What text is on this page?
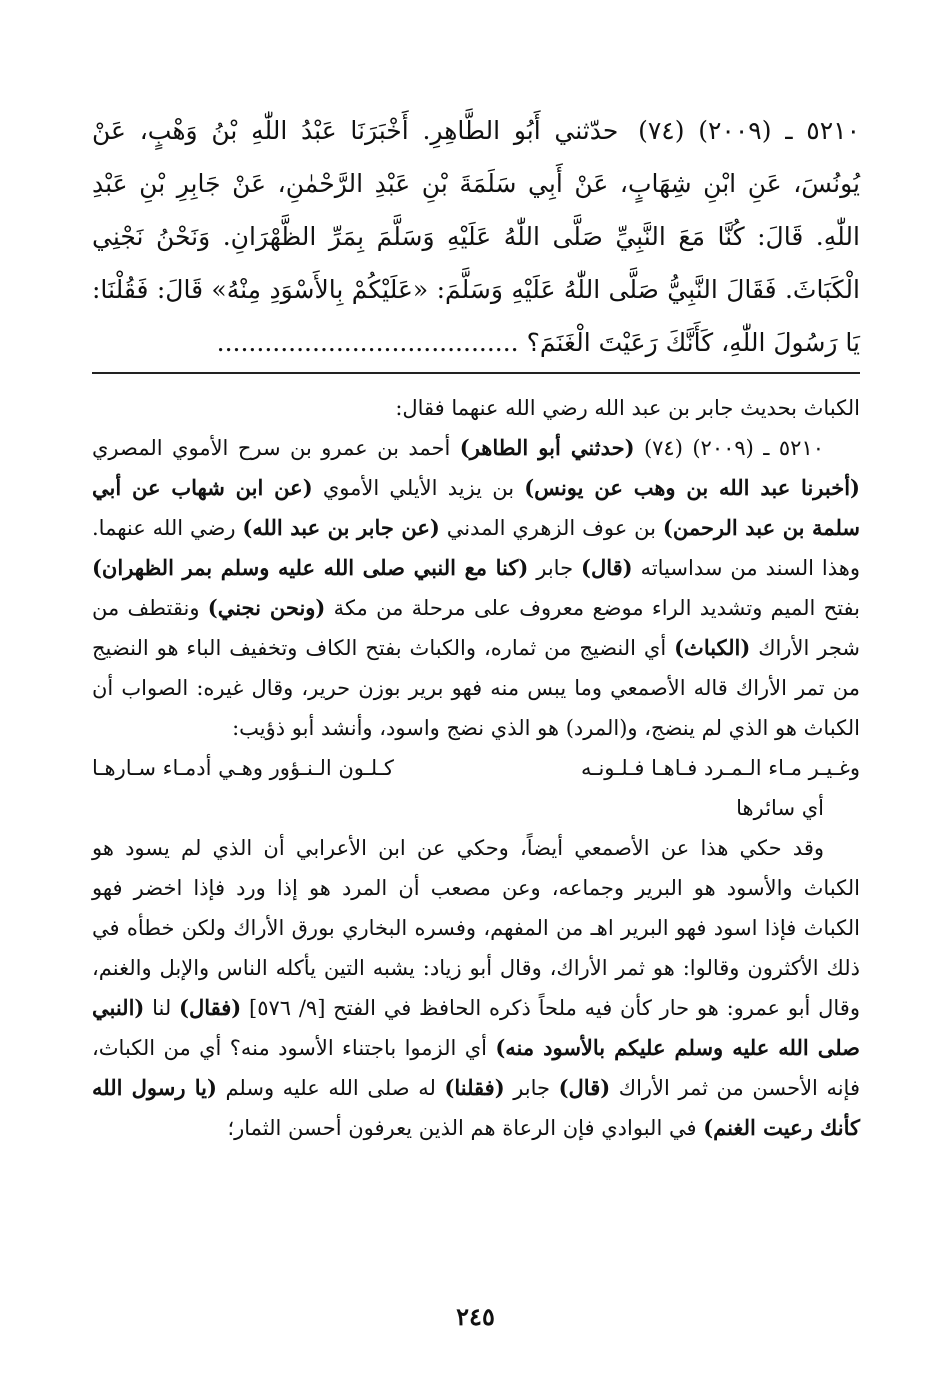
٥٢١٠ ـ (٢٠٠٩) (٧٤) حدّثني أَبُو الطَّاهِرِ. أَخْبَرَنَا عَبْدُ اللّٰهِ بْنُ وَهْبٍ، عَنْ يُونُسَ، عَنِ ابْنِ شِهَابٍ، عَنْ أَبِي سَلَمَةَ بْنِ عَبْدِ الرَّحْمٰنِ، عَنْ جَابِرِ بْنِ عَبْدِ اللّٰهِ. قَالَ: كُنَّا مَعَ النَّبِيِّ صَلَّى اللّٰهُ عَلَيْهِ وَسَلَّمَ بِمَرِّ الظَّهْرَانِ. وَنَحْنُ نَجْنِي الْكَبَاثَ. فَقَالَ النَّبِيُّ صَلَّى اللّٰهُ عَلَيْهِ وَسَلَّمَ: «عَلَيْكُمْ بِالأَسْوَدِ مِنْهُ» قَالَ: فَقُلْنَا: يَا رَسُولَ اللّٰهِ، كَأَنَّكَ رَعَيْتَ الْغَنَمَ؟ ......................................

الكباث بحديث جابر بن عبد الله رضي الله عنهما فقال:

٥٢١٠ ـ (٢٠٠٩) (٧٤) (حدثني أبو الطاهر) أحمد بن عمرو بن سرح الأموي المصري (أخبرنا عبد الله بن وهب عن يونس) بن يزيد الأيلي الأموي (عن ابن شهاب عن أبي سلمة بن عبد الرحمن) بن عوف الزهري المدني (عن جابر بن عبد الله) رضي الله عنهما. وهذا السند من سداسياته (قال) جابر (كنا مع النبي صلى الله عليه وسلم بمر الظهران) بفتح الميم وتشديد الراء موضع معروف على مرحلة من مكة (ونحن نجني) ونقتطف من شجر الأراك (الكباث) أي النضيج من ثماره، والكباث بفتح الكاف وتخفيف الباء هو النضيج من تمر الأراك قاله الأصمعي وما يبس منه فهو برير بوزن حرير، وقال غيره: الصواب أن الكباث هو الذي لم ينضج، و(المرد) هو الذي نضج واسود، وأنشد أبو ذؤيب:

وغـيـر مـاء الـمـرد فـاهـا فـلـونـه
كـلـون الـنـؤور وهـي أدمـاء سـارهـا

أي سائرها

وقد حكي هذا عن الأصمعي أيضاً، وحكي عن ابن الأعرابي أن الذي لم يسود هو الكباث والأسود هو البرير وجماعه، وعن مصعب أن المرد هو إذا ورد فإذا اخضر فهو الكباث فإذا اسود فهو البرير اهـ من المفهم، وفسره البخاري بورق الأراك ولكن خطأه في ذلك الأكثرون وقالوا: هو ثمر الأراك، وقال أبو زياد: يشبه التين يأكله الناس والإبل والغنم، وقال أبو عمرو: هو حار كأن فيه ملحاً ذكره الحافظ في الفتح [٩/ ٥٧٦] (فقال) لنا (النبي صلى الله عليه وسلم عليكم بالأسود منه) أي الزموا باجتناء الأسود منه؟ أي من الكباث، فإنه الأحسن من ثمر الأراك (قال) جابر (فقلنا) له صلى الله عليه وسلم (يا رسول الله كأنك رعيت الغنم) في البوادي فإن الرعاة هم الذين يعرفون أحسن الثمار؛

٢٤٥
